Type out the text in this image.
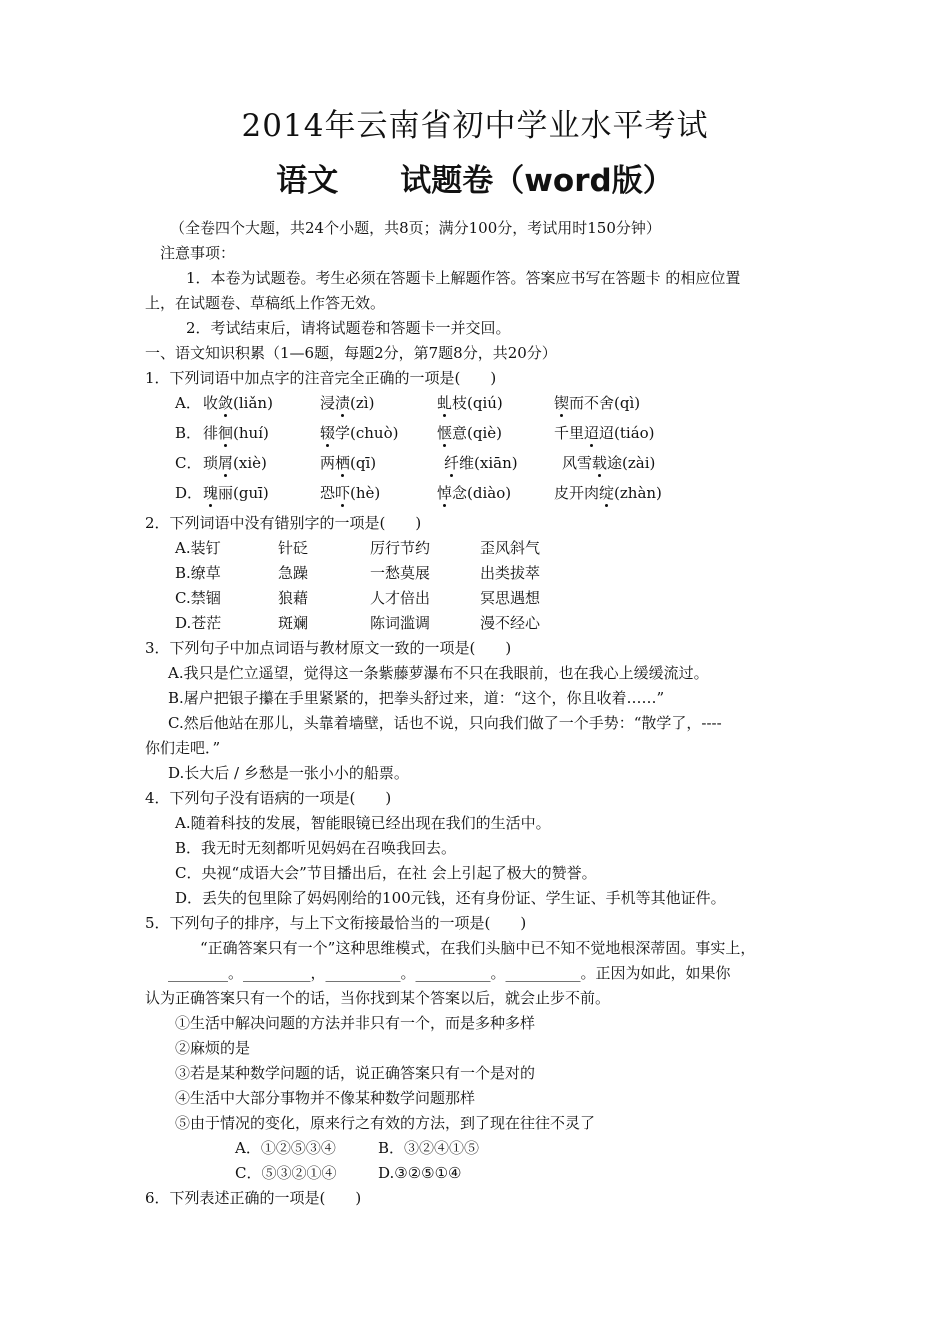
2014年云南省初中学业水平考试
语文　　试题卷（word版）
（全卷四个大题，共24个小题，共8页；满分100分，考试用时150分钟）
注意事项：
1．本卷为试题卷。考生必须在答题卡上解题作答。答案应书写在答题卡 的相应位置
上，在试题卷、草稿纸上作答无效。
2．考试结束后，请将试题卷和答题卡一并交回。
一、语文知识积累（1—6题，每题2分，第7题8分，共20分）
1．下列词语中加点字的注音完全正确的一项是(　　)
A． 收敛(liǎn)	浸渍(zì)	虬枝(qiú)	锲而不舍(qì)
B． 徘徊(huí)	辍学(chuò)	惬意(qiè)	千里迢迢(tiáo)
C． 琐屑(xiè)	两栖(qī)	纤维(xiān)	风雪载途(zài)
D． 瑰丽(guī)	恐吓(hè)	悼念(diào)	皮开肉绽(zhàn)
2．下列词语中没有错别字的一项是(　　)
A.装钉	针砭	厉行节约	歪风斜气
B.缭草	急躁	一愁莫展	出类拔萃
C.禁锢	狼藉	人才倍出	冥思遇想
D.苍茫	斑斓	陈词滥调	漫不经心
3．下列句子中加点词语与教材原文一致的一项是(　　)
A.我只是伫立遥望，觉得这一条紫藤萝瀑布不只在我眼前，也在我心上缓缓流过。
B.屠户把银子攥在手里紧紧的，把拳头舒过来，道：“这个，你且收着……”
C.然后他站在那儿，头靠着墙壁，话也不说，只向我们做了一个手势：“散学了，----
你们走吧．”
D.长大后 / 乡愁是一张小小的船票。
4．下列句子没有语病的一项是(　　)
A.随着科技的发展，智能眼镜已经出现在我们的生活中。
B．我无时无刻都听见妈妈在召唤我回去。
C．央视“成语大会”节目播出后，在社 会上引起了极大的赞誉。
D．丢失的包里除了妈妈刚给的100元钱，还有身份证、学生证、手机等其他证件。
5．下列句子的排序，与上下文衔接最恰当的一项是(　　)
“正确答案只有一个”这种思维模式，在我们头脑中已不知不觉地根深蒂固。事实上，
________。_________，__________。__________。__________。正因为如此，如果你
认为正确答案只有一个的话，当你找到某个答案以后，就会止步不前。
①生活中解决问题的方法并非只有一个，而是多种多样
②麻烦的是
③若是某种数学问题的话，说正确答案只有一个是对的
④生活中大部分事物并不像某种数学问题那样
⑤由于情况的变化，原来行之有效的方法，到了现在往往不灵了
A．①②⑤③④	B．③②④①⑤
C．⑤③②①④	D.③②⑤①④
6．下列表述正确的一项是(　　)
